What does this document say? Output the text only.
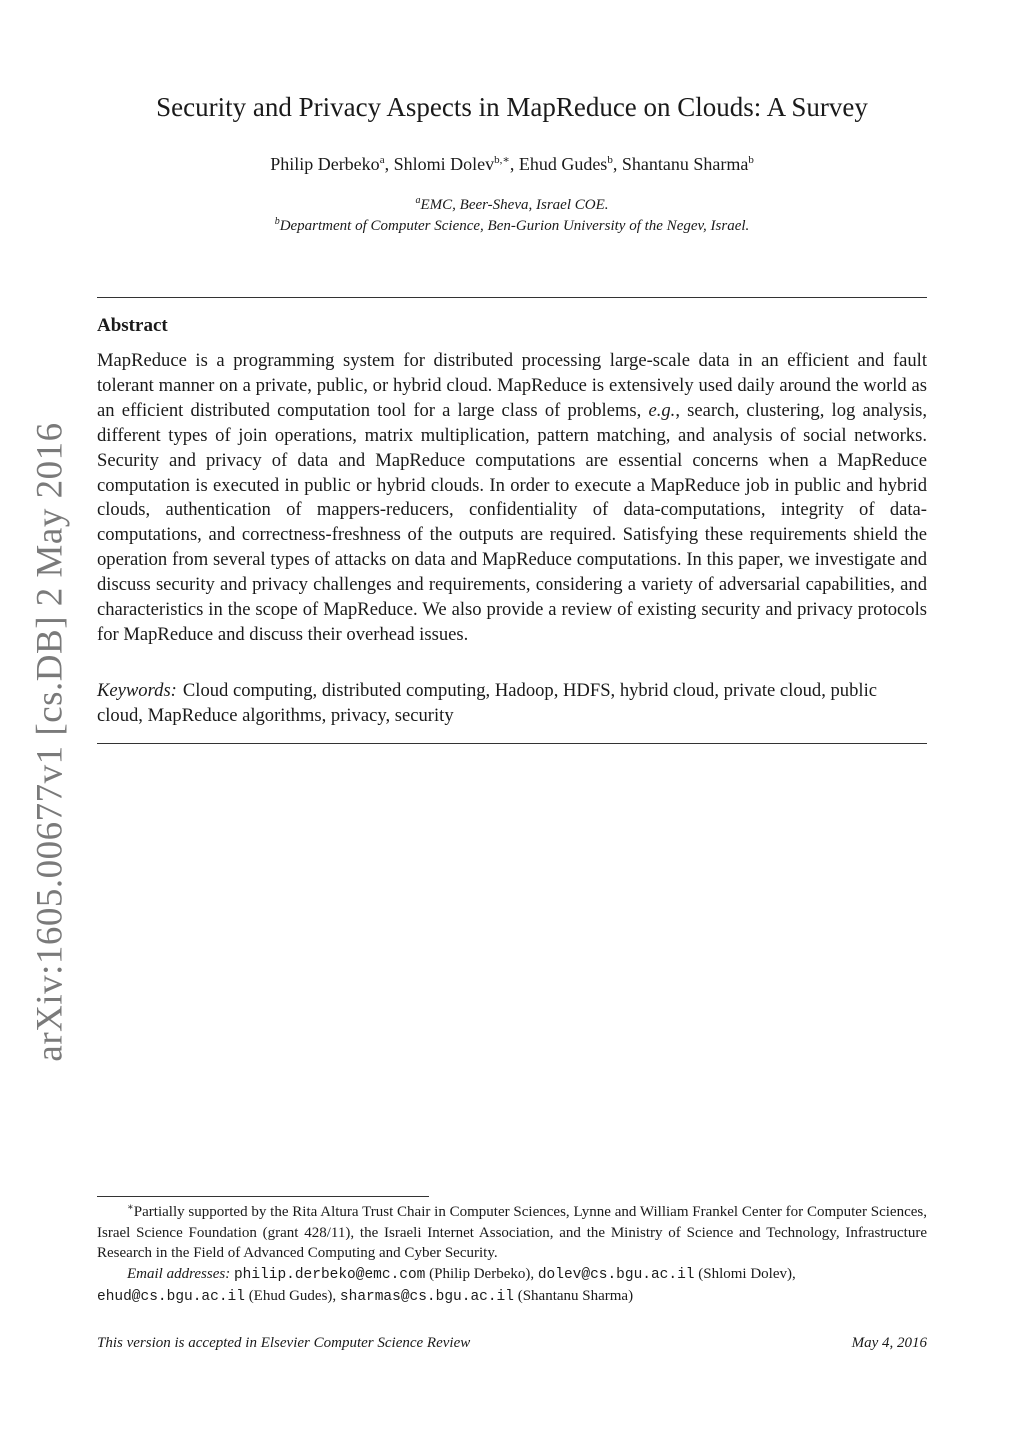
arXiv:1605.00677v1 [cs.DB] 2 May 2016
Security and Privacy Aspects in MapReduce on Clouds: A Survey
Philip Derbeko$^a$, Shlomi Dolev$^{b,∗}$, Ehud Gudes$^b$, Shantanu Sharma$^b$
$^a$EMC, Beer-Sheva, Israel COE.
$^b$Department of Computer Science, Ben-Gurion University of the Negev, Israel.
Abstract

MapReduce is a programming system for distributed processing large-scale data in an efficient and fault tolerant manner on a private, public, or hybrid cloud. MapReduce is extensively used daily around the world as an efficient distributed computation tool for a large class of problems, e.g., search, clustering, log analysis, different types of join operations, matrix multiplication, pattern matching, and analysis of social networks. Security and privacy of data and MapReduce computations are essential concerns when a MapReduce computation is executed in public or hybrid clouds. In order to execute a MapReduce job in public and hybrid clouds, authentication of mappers-reducers, confidentiality of data-computations, integrity of data-computations, and correctness-freshness of the outputs are required. Satisfying these requirements shield the operation from several types of attacks on data and MapReduce computations. In this paper, we investigate and discuss security and privacy challenges and requirements, considering a variety of adversarial capabilities, and characteristics in the scope of MapReduce. We also provide a review of existing security and privacy protocols for MapReduce and discuss their overhead issues.

Keywords: Cloud computing, distributed computing, Hadoop, HDFS, hybrid cloud, private cloud, public cloud, MapReduce algorithms, privacy, security

∗Partially supported by the Rita Altura Trust Chair in Computer Sciences, Lynne and William Frankel Center for Computer Sciences, Israel Science Foundation (grant 428/11), the Israeli Internet Association, and the Ministry of Science and Technology, Infrastructure Research in the Field of Advanced Computing and Cyber Security.

Email addresses: philip.derbeko@emc.com (Philip Derbeko), dolev@cs.bgu.ac.il (Shlomi Dolev), ehud@cs.bgu.ac.il (Ehud Gudes), sharmas@cs.bgu.ac.il (Shantanu Sharma)

This version is accepted in Elsevier Computer Science Review	May 4, 2016
